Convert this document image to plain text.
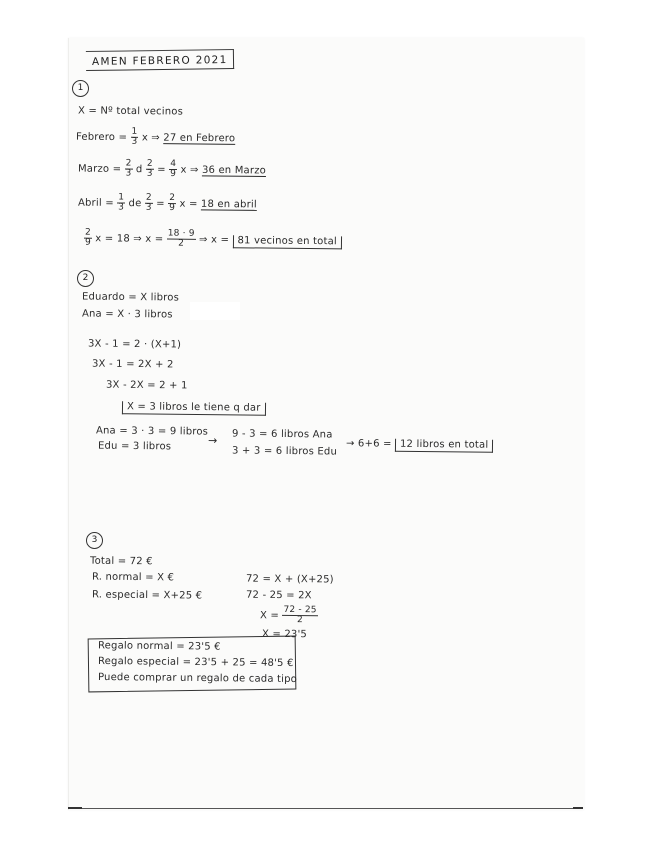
AMEN FEBRERO 2021
1
X = Nº total vecinos
Febrero = $\frac{1}{3}$ x ⇒ 27 en Febrero
Marzo = $\frac{2}{3}$ d $\frac{2}{3} = \frac{4}{9}$ x ⇒ 36 en Marzo
Abril = $\frac{1}{3}$ de $\frac{2}{3} = \frac{2}{9}$ x = 18 en abril
$\frac{2}{9}$ x = 18 ⇒ $x = \frac{18 \cdot 9}{2}$ ⇒ x = 81 vecinos en total
2
Eduardo = X libros
Ana = X · 3 libros
3X - 1 = 2 · (X+1)
3X - 1 = 2X + 2
3X - 2X = 2 + 1
X = 3 libros le tiene q dar
Ana = 3 · 3 = 9 libros
Edu = 3 libros	→ 9 - 3 = 6 libros Ana
3 + 3 = 6 libros Edu
→ 6+6 = 12 libros en total
3
Total = 72 €
R. normal = X €
R. especial = X+25 €
72 = X + (X+25)
72 - 25 = 2X
$X = \frac{72 - 25}{2}$
X = 23'5
Regalo normal = 23'5 €
Regalo especial = 23'5 + 25 = 48'5 €
Puede comprar un regalo de cada tipo
